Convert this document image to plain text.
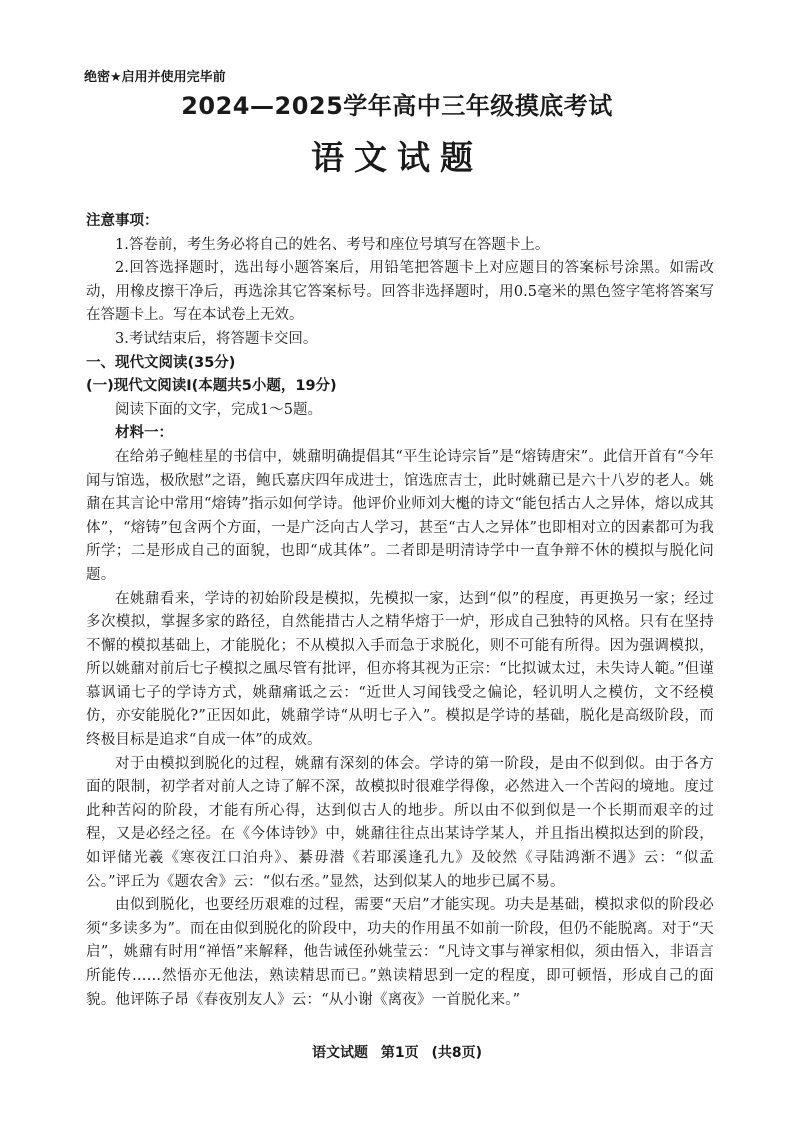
绝密★启用并使用完毕前
2024—2025学年高中三年级摸底考试
语文试题

注意事项：

1.答卷前，考生务必将自己的姓名、考号和座位号填写在答题卡上。

2.回答选择题时，选出每小题答案后，用铅笔把答题卡上对应题目的答案标号涂黑。如需改动，用橡皮擦干净后，再选涂其它答案标号。回答非选择题时，用0.5毫米的黑色签字笔将答案写在答题卡上。写在本试卷上无效。

3.考试结束后，将答题卡交回。

一、现代文阅读(35分)

(一)现代文阅读Ⅰ(本题共5小题，19分)

阅读下面的文字，完成1～5题。

材料一：

在给弟子鲍桂星的书信中，姚鼐明确提倡其“平生论诗宗旨”是“熔铸唐宋”。此信开首有“今年闻与馆选，极欣慰”之语，鲍氏嘉庆四年成进士，馆选庶吉士，此时姚鼐已是六十八岁的老人。姚鼐在其言论中常用“熔铸”指示如何学诗。他评价业师刘大櫆的诗文“能包括古人之异体，熔以成其体”，“熔铸”包含两个方面，一是广泛向古人学习，甚至“古人之异体”也即相对立的因素都可为我所学；二是形成自己的面貌，也即“成其体”。二者即是明清诗学中一直争辩不休的模拟与脱化问题。

在姚鼐看来，学诗的初始阶段是模拟，先模拟一家，达到“似”的程度，再更换另一家；经过多次模拟，掌握多家的路径，自然能措古人之精华熔于一炉，形成自己独特的风格。只有在坚持不懈的模拟基础上，才能脱化；不从模拟入手而急于求脱化，则不可能有所得。因为强调模拟，所以姚鼐对前后七子模拟之風尽管有批评，但亦将其视为正宗：“比拟诚太过，未失诗人範。”但谨慕讽诵七子的学诗方式，姚鼐痛诋之云：“近世人习闻钱受之偏论，轻讥明人之模仿，文不经模仿，亦安能脱化?”正因如此，姚鼐学诗“从明七子入”。模拟是学诗的基础，脱化是高级阶段，而终极目标是追求“自成一体”的成效。

对于由模拟到脱化的过程，姚鼐有深刻的体会。学诗的第一阶段，是由不似到似。由于各方面的限制，初学者对前人之诗了解不深，故模拟时很难学得像，必然进入一个苦闷的境地。度过此种苦闷的阶段，才能有所心得，达到似古人的地步。所以由不似到似是一个长期而艰辛的过程，又是必经之径。在《今体诗钞》中，姚鼐往往点出某诗学某人，并且指出模拟达到的阶段，如评储光羲《寒夜江口泊舟》、綦毋潜《若耶溪逢孔九》及皎然《寻陆鸿渐不遇》云：“似孟公。”评丘为《题农舍》云：“似右丞。”显然，达到似某人的地步已属不易。

由似到脱化，也要经历艰难的过程，需要“天启”才能实现。功夫是基础，模拟求似的阶段必须“多读多为”。而在由似到脱化的阶段中，功夫的作用虽不如前一阶段，但仍不能脱离。对于“天启”，姚鼐有时用“禅悟”来解释，他告诫侄孙姚莹云：“凡诗文事与禅家相似，须由悟入，非语言所能传……然悟亦无他法，熟读精思而已。”熟读精思到一定的程度，即可顿悟，形成自己的面貌。他评陈子昂《春夜别友人》云：“从小谢《离夜》一首脱化来。”

语文试题 第1页 (共8页)
